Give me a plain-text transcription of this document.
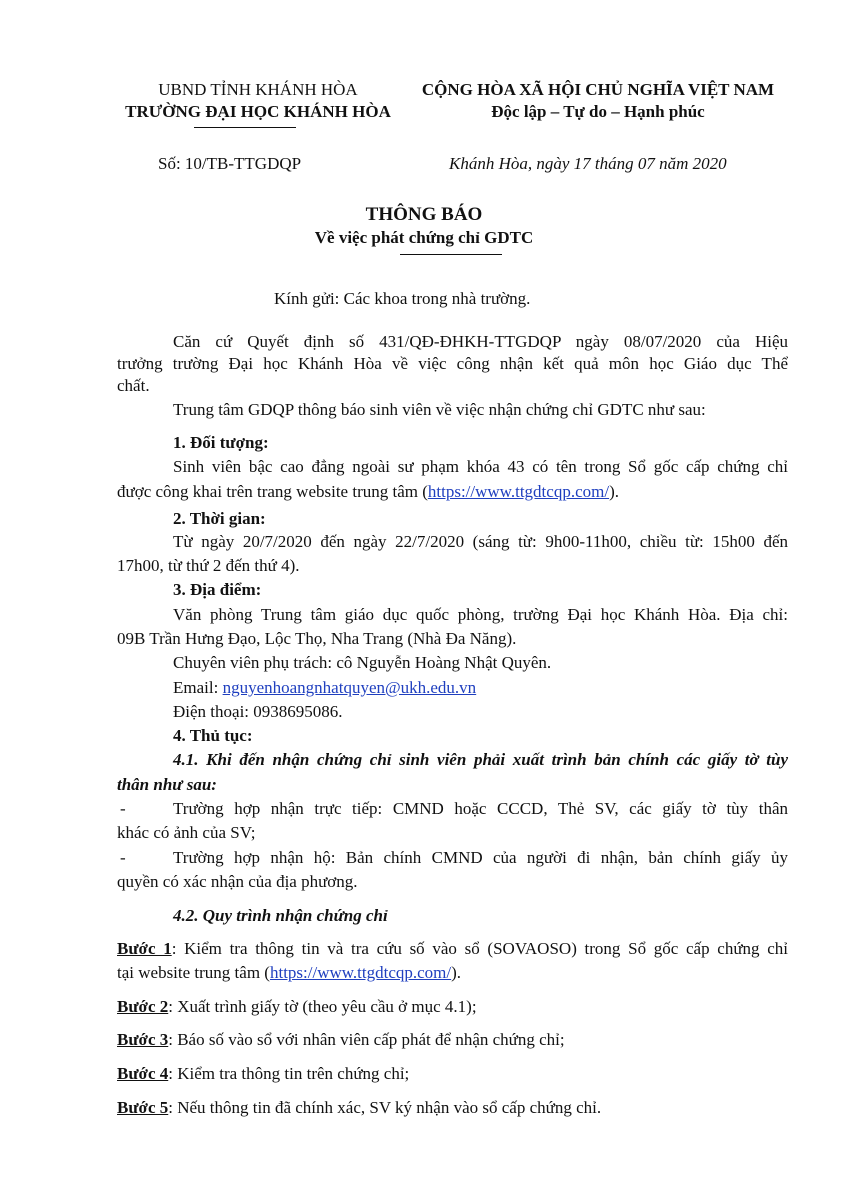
UBND TỈNH KHÁNH HÒA
TRƯỜNG ĐẠI HỌC KHÁNH HÒA
CỘNG HÒA XÃ HỘI CHỦ NGHĨA VIỆT NAM
Độc lập – Tự do – Hạnh phúc
Số: 10/TB-TTGDQP	Khánh Hòa, ngày 17 tháng 07 năm 2020
THÔNG BÁO
Về việc phát chứng chỉ GDTC
Kính gửi: Các khoa trong nhà trường.
Căn cứ Quyết định số 431/QĐ-ĐHKH-TTGDQP ngày 08/07/2020 của Hiệu
trưởng trường Đại học Khánh Hòa về việc công nhận kết quả môn học Giáo dục Thể
chất.
Trung tâm GDQP thông báo sinh viên về việc nhận chứng chỉ GDTC như sau:
1. Đối tượng:
Sinh viên bậc cao đẳng ngoài sư phạm khóa 43 có tên trong Sổ gốc cấp chứng chỉ
được công khai trên trang website trung tâm (https://www.ttgdtcqp.com/).
2. Thời gian:
Từ ngày 20/7/2020 đến ngày 22/7/2020 (sáng từ: 9h00-11h00, chiều từ: 15h00 đến
17h00, từ thứ 2 đến thứ 4).
3. Địa điểm:
Văn phòng Trung tâm giáo dục quốc phòng, trường Đại học Khánh Hòa. Địa chỉ:
09B Trần Hưng Đạo, Lộc Thọ, Nha Trang (Nhà Đa Năng).
Chuyên viên phụ trách: cô Nguyễn Hoàng Nhật Quyên.
Email: nguyenhoangnhatquyen@ukh.edu.vn
Điện thoại: 0938695086.
4. Thủ tục:
4.1. Khi đến nhận chứng chỉ sinh viên phải xuất trình bản chính các giấy tờ tùy
thân như sau:
-	Trường hợp nhận trực tiếp: CMND hoặc CCCD, Thẻ SV, các giấy tờ tùy thân
khác có ảnh của SV;
-	Trường hợp nhận hộ: Bản chính CMND của người đi nhận, bản chính giấy ủy
quyền có xác nhận của địa phương.
4.2. Quy trình nhận chứng chỉ
Bước 1: Kiểm tra thông tin và tra cứu số vào sổ (SOVAOSO) trong Sổ gốc cấp chứng chỉ
tại website trung tâm (https://www.ttgdtcqp.com/).
Bước 2: Xuất trình giấy tờ (theo yêu cầu ở mục 4.1);
Bước 3: Báo số vào sổ với nhân viên cấp phát để nhận chứng chỉ;
Bước 4: Kiểm tra thông tin trên chứng chỉ;
Bước 5: Nếu thông tin đã chính xác, SV ký nhận vào sổ cấp chứng chỉ.
